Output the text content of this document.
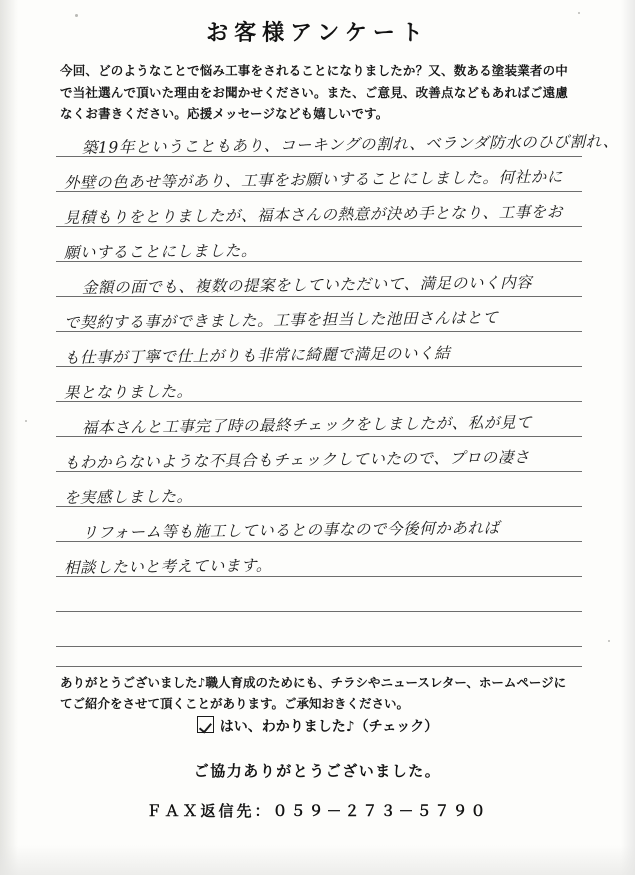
お客様アンケート
今回、どのようなことで悩み工事をされることになりましたか？又、数ある塗装業者の中で当社選んで頂いた理由をお聞かせください。また、ご意見、改善点などもあればご遠慮なくお書きください。応援メッセージなども嬉しいです。
築19年ということもあり、コーキングの割れ、ベランダ防水のひび割れ、
外壁の色あせ等があり、工事をお願いすることにしました。何社かに
見積もりをとりましたが、福本さんの熱意が決め手となり、工事をお
願いすることにしました。
金額の面でも、複数の提案をしていただいて、満足のいく内容
で契約する事ができました。工事を担当した池田さんはとて
も仕事が丁寧で仕上がりも非常に綺麗で満足のいく結
果となりました。
福本さんと工事完了時の最終チェックをしましたが、私が見て
もわからないような不具合もチェックしていたので、プロの凄さ
を実感しました。
リフォーム等も施工しているとの事なので今後何かあれば
相談したいと考えています。
ありがとうございました♪職人育成のためにも、チラシやニュースレター、ホームページにてご紹介をさせて頂くことがあります。ご承知おきください。
はい、わかりました♪（チェック）
ご協力ありがとうございました。
ＦＡＸ返信先：０５９－２７３－５７９０
